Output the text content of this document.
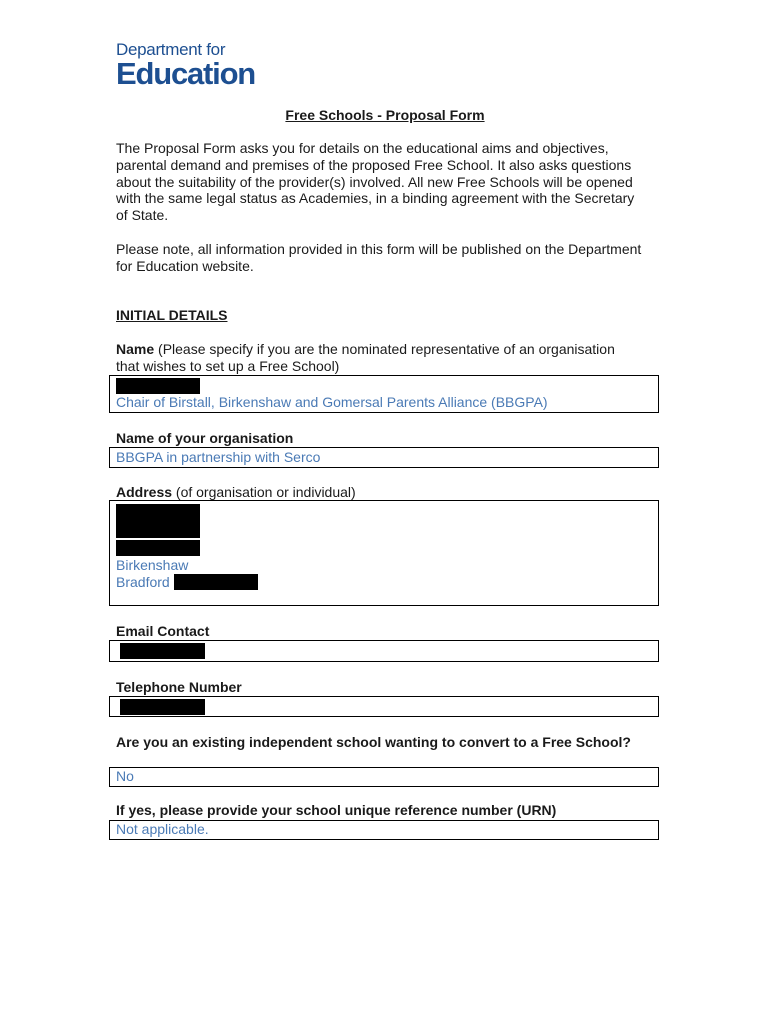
Department for
Education
Free Schools - Proposal Form
The Proposal Form asks you for details on the educational aims and objectives, parental demand and premises of the proposed Free School. It also asks questions about the suitability of the provider(s) involved. All new Free Schools will be opened with the same legal status as Academies, in a binding agreement with the Secretary of State.
Please note, all information provided in this form will be published on the Department for Education website.
INITIAL DETAILS
Name (Please specify if you are the nominated representative of an organisation that wishes to set up a Free School)
Chair of Birstall, Birkenshaw and Gomersal Parents Alliance (BBGPA)
Name of your organisation
BBGPA in partnership with Serco
Address (of organisation or individual)
Birkenshaw
Bradford
Email Contact
Telephone Number
Are you an existing independent school wanting to convert to a Free School?
No
If yes, please provide your school unique reference number (URN)
Not applicable.
